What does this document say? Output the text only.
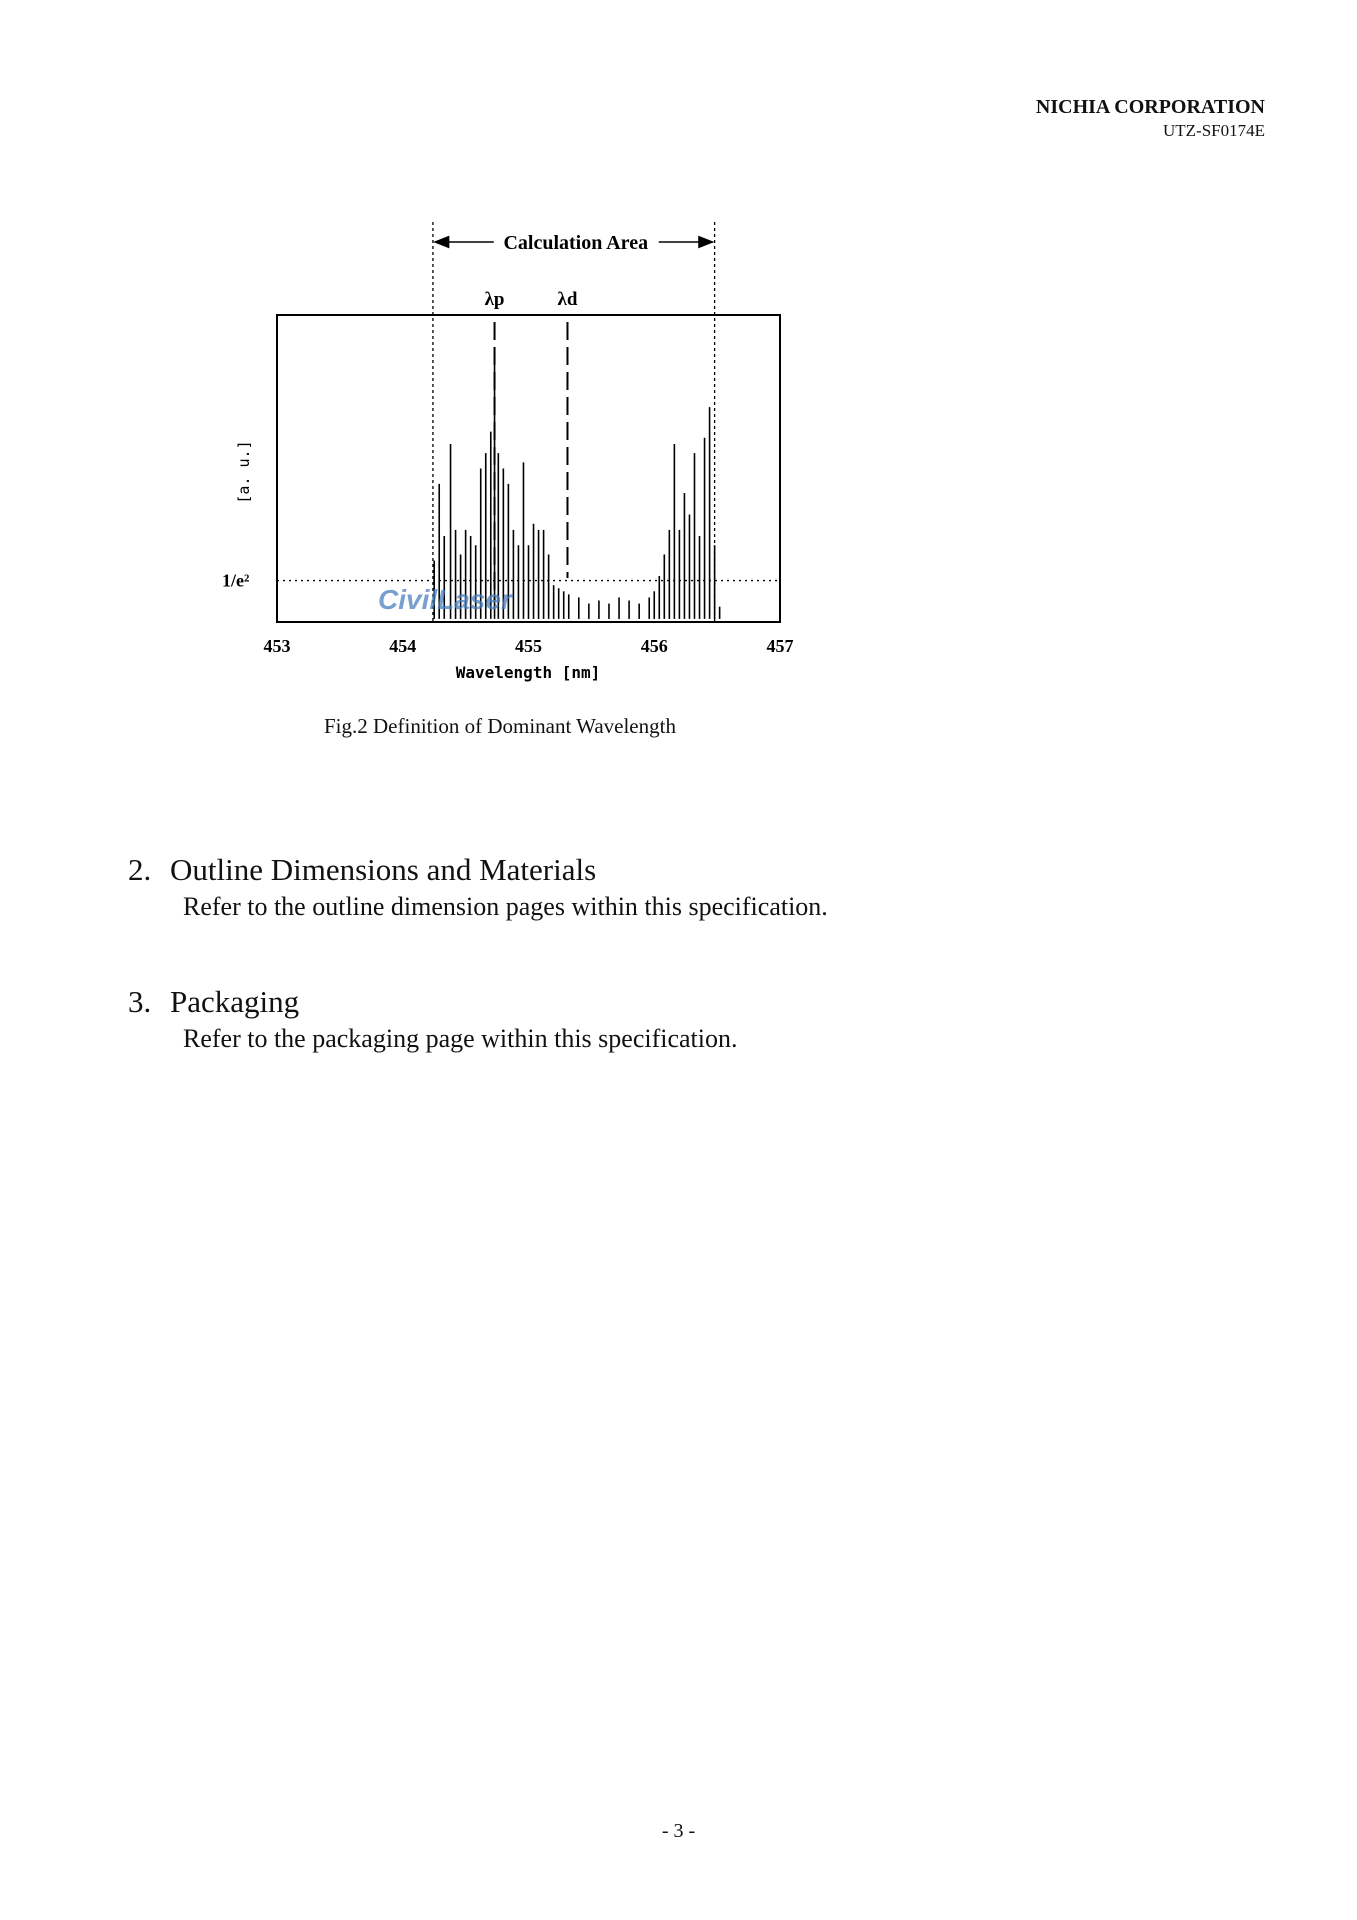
NICHIA CORPORATION
UTZ-SF0174E
Calculation Area
λp	λd
1/e²
[a. u.]
453	454	455	456	457
Wavelength [nm]
CivilLaser
Fig.2 Definition of Dominant Wavelength
2. Outline Dimensions and Materials
Refer to the outline dimension pages within this specification.
3. Packaging
Refer to the packaging page within this specification.
- 3 -
